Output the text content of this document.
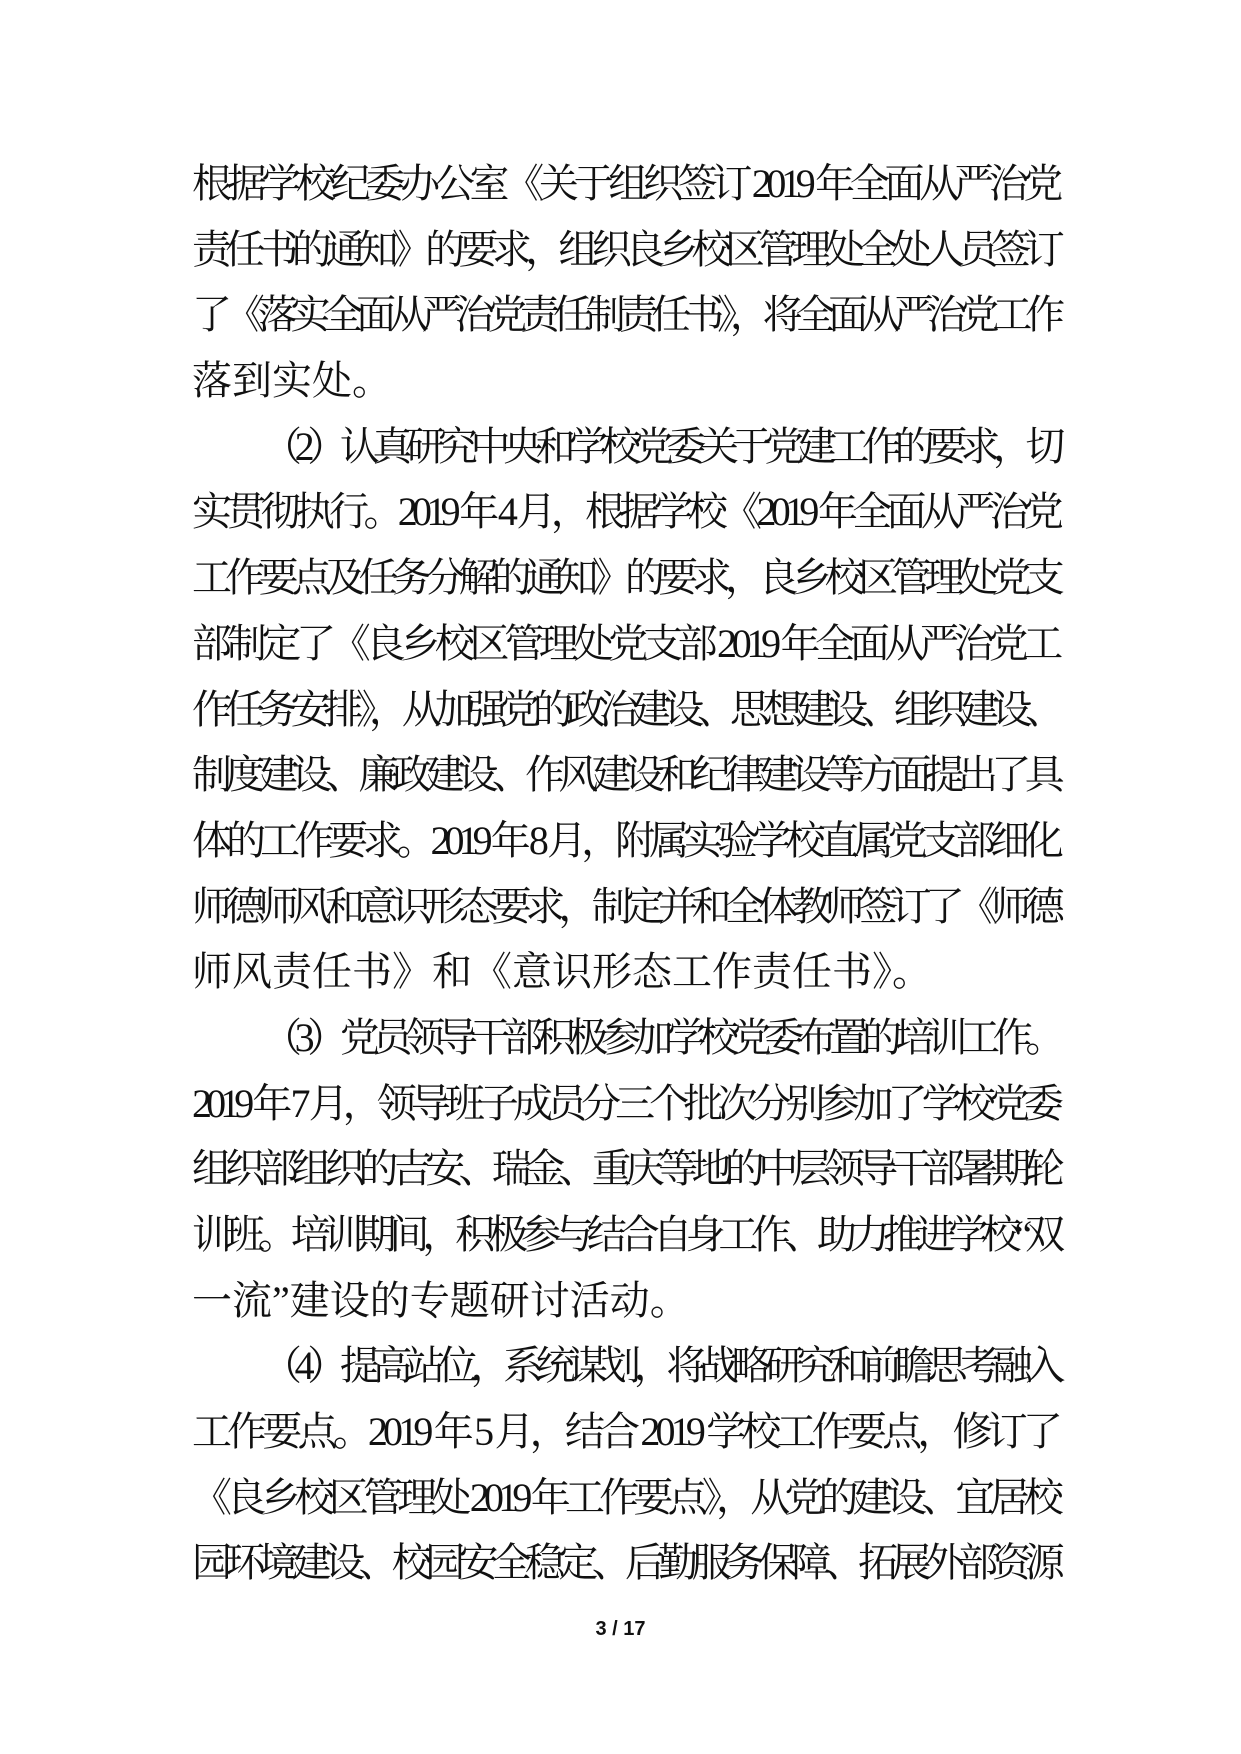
根据学校纪委办公室《关于组织签订 2019 年全面从严治党
责任书的通知》的要求，组织良乡校区管理处全处人员签订
了《落实全面从严治党责任制责任书》，将全面从严治党工作
落到实处。
（2）认真研究中央和学校党委关于党建工作的要求，切
实贯彻执行。2019 年 4 月，根据学校《2019 年全面从严治党
工作要点及任务分解的通知》的要求，良乡校区管理处党支
部制定了《良乡校区管理处党支部 2019 年全面从严治党工
作任务安排》，从加强党的政治建设、思想建设、组织建设、
制度建设、廉政建设、作风建设和纪律建设等方面提出了具
体的工作要求。2019 年 8 月，附属实验学校直属党支部细化
师德师风和意识形态要求，制定并和全体教师签订了《师德
师风责任书》和《意识形态工作责任书》。
（3）党员领导干部积极参加学校党委布置的培训工作。
2019 年 7 月，领导班子成员分三个批次分别参加了学校党委
组织部组织的吉安、瑞金、重庆等地的中层领导干部暑期轮
训班。培训期间，积极参与结合自身工作、助力推进学校“双
一流”建设的专题研讨活动。
（4）提高站位，系统谋划，将战略研究和前瞻思考融入
工作要点。2019 年 5 月，结合 2019 学校工作要点，修订了
《良乡校区管理处 2019 年工作要点》，从党的建设、宜居校
园环境建设、校园安全稳定、后勤服务保障、拓展外部资源
3 / 17
